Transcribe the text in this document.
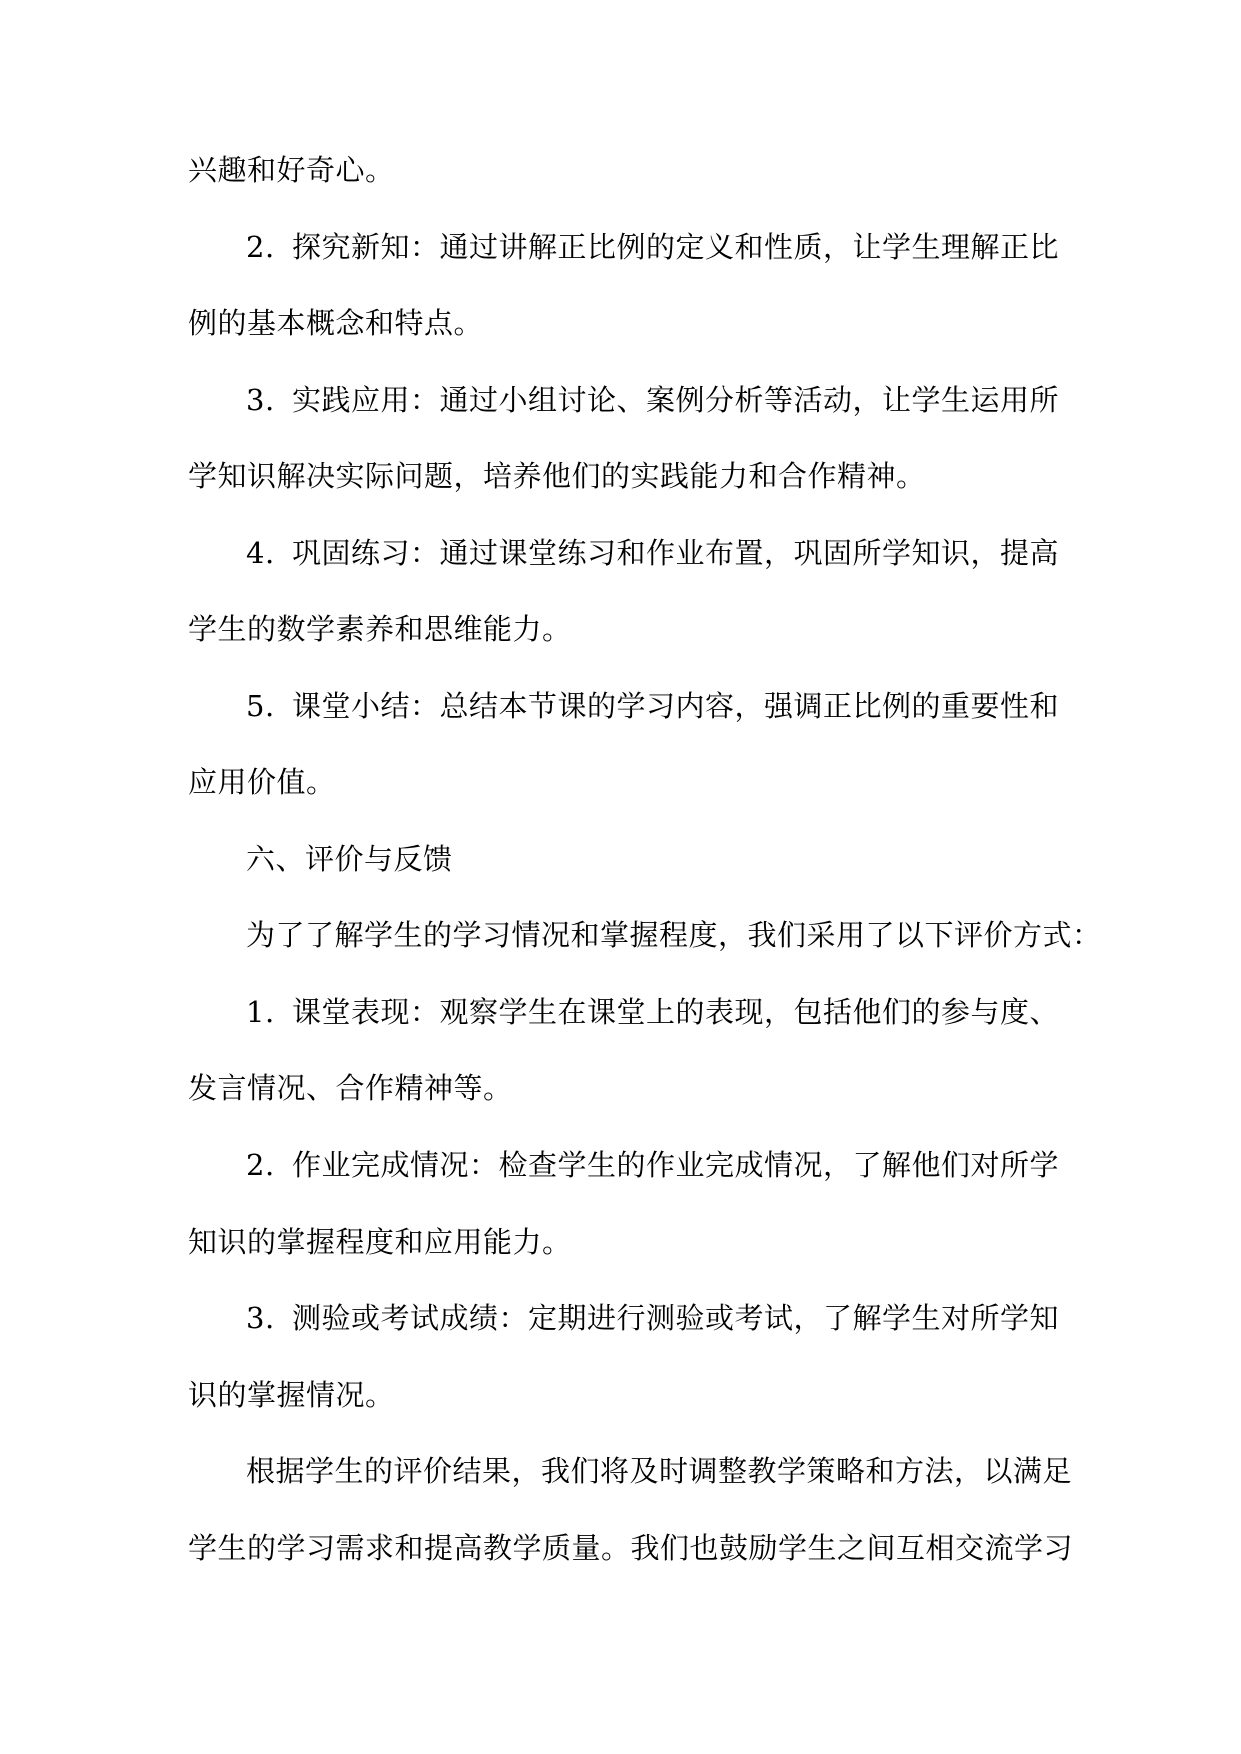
兴趣和好奇心。
2. 探究新知：通过讲解正比例的定义和性质，让学生理解正比
例的基本概念和特点。
3. 实践应用：通过小组讨论、案例分析等活动，让学生运用所
学知识解决实际问题，培养他们的实践能力和合作精神。
4. 巩固练习：通过课堂练习和作业布置，巩固所学知识，提高
学生的数学素养和思维能力。
5. 课堂小结：总结本节课的学习内容，强调正比例的重要性和
应用价值。
六、评价与反馈
为了了解学生的学习情况和掌握程度，我们采用了以下评价方式：
1. 课堂表现：观察学生在课堂上的表现，包括他们的参与度、
发言情况、合作精神等。
2. 作业完成情况：检查学生的作业完成情况，了解他们对所学
知识的掌握程度和应用能力。
3. 测验或考试成绩：定期进行测验或考试，了解学生对所学知
识的掌握情况。
根据学生的评价结果，我们将及时调整教学策略和方法，以满足
学生的学习需求和提高教学质量。我们也鼓励学生之间互相交流学习
